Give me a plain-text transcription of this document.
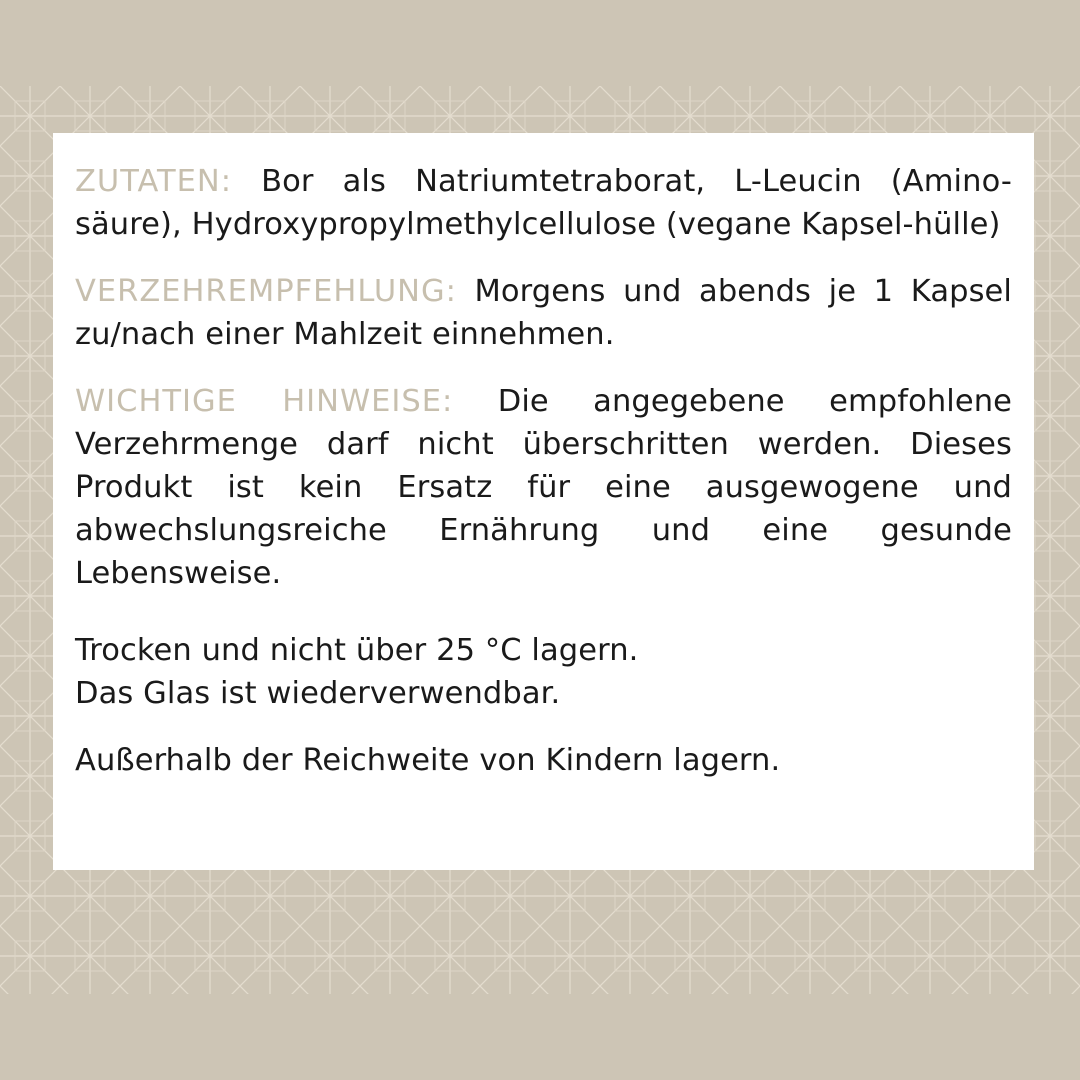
ZUTATEN: Bor als Natriumtetraborat, L-Leucin (Amino-säure), Hydroxypropylmethylcellulose (vegane Kapsel-hülle)

VERZEHREMPFEHLUNG: Morgens und abends je 1 Kapsel zu/nach einer Mahlzeit einnehmen.

WICHTIGE HINWEISE: Die angegebene empfohlene Verzehrmenge darf nicht überschritten werden. Dieses Produkt ist kein Ersatz für eine ausgewogene und abwechslungsreiche Ernährung und eine gesunde Lebensweise.

Trocken und nicht über 25 °C lagern.
Das Glas ist wiederverwendbar.

Außerhalb der Reichweite von Kindern lagern.
